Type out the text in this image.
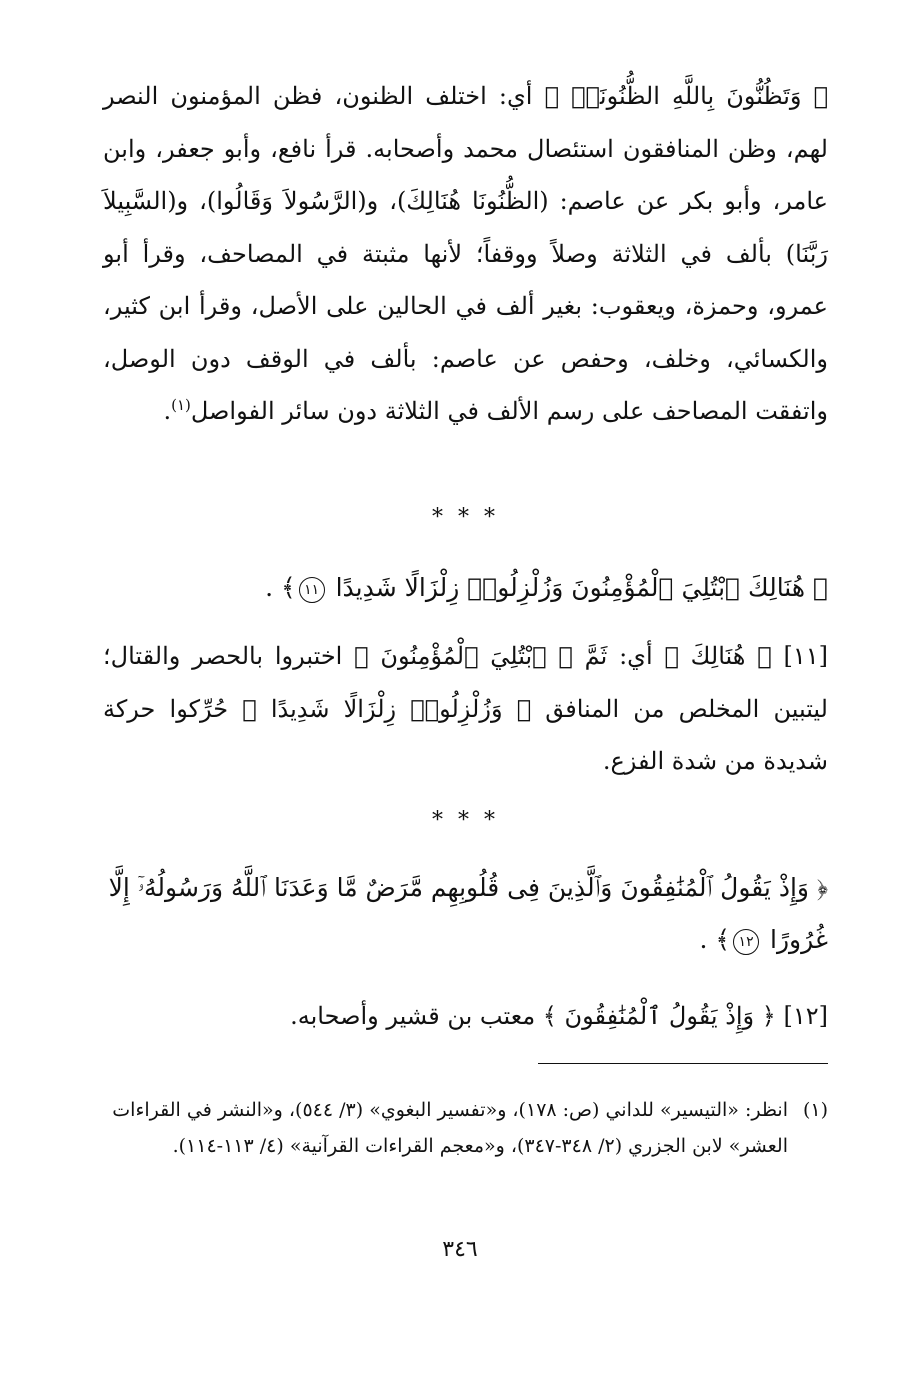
﴿ وَتَظُنُّونَ بِاللَّهِ الظُّنُونَا۠ ﴾ أي: اختلف الظنون، فظن المؤمنون النصر لهم، وظن المنافقون استئصال محمد وأصحابه. قرأ نافع، وأبو جعفر، وابن عامر، وأبو بكر عن عاصم: (الظُّنُونَا هُنَالِكَ)، و(الرَّسُولاَ وَقَالُوا)، و(السَّبِيلاَ رَبَّنَا) بألف في الثلاثة وصلاً ووقفاً؛ لأنها مثبتة في المصاحف، وقرأ أبو عمرو، وحمزة، ويعقوب: بغير ألف في الحالين على الأصل، وقرأ ابن كثير، والكسائي، وخلف، وحفص عن عاصم: بألف في الوقف دون الوصل، واتفقت المصاحف على رسم الألف في الثلاثة دون سائر الفواصل$^{(١)}$.

* * *

﴿ هُنَالِكَ ٱبْتُلِيَ ٱلْمُؤْمِنُونَ وَزُلْزِلُوا۟ زِلْزَالًا شَدِيدًا ١١﴾ .

[١١] ﴿ هُنَالِكَ ﴾ أي: ثَمَّ ﴿ ٱبْتُلِيَ ٱلْمُؤْمِنُونَ ﴾ اختبروا بالحصر والقتال؛ ليتبين المخلص من المنافق ﴿ وَزُلْزِلُوا۟ زِلْزَالًا شَدِيدًا ﴾ حُرِّكوا حركة شديدة من شدة الفزع.

* * *

﴿ وَإِذْ يَقُولُ ٱلْمُنَٰفِقُونَ وَٱلَّذِينَ فِى قُلُوبِهِم مَّرَضٌ مَّا وَعَدَنَا ٱللَّهُ وَرَسُولُهُۥٓ إِلَّا غُرُورًا ١٢﴾ .

[١٢] ﴿ وَإِذْ يَقُولُ ٱلْمُنَٰفِقُونَ ﴾ معتب بن قشير وأصحابه.

(١)
انظر: «التيسير» للداني (ص: ١٧٨)، و«تفسير البغوي» (٣/ ٥٤٤)، و«النشر في القراءات العشر» لابن الجزري (٢/ ٣٤٨-٣٤٧)، و«معجم القراءات القرآنية» (٤/ ١١٣-١١٤).
٣٤٦
